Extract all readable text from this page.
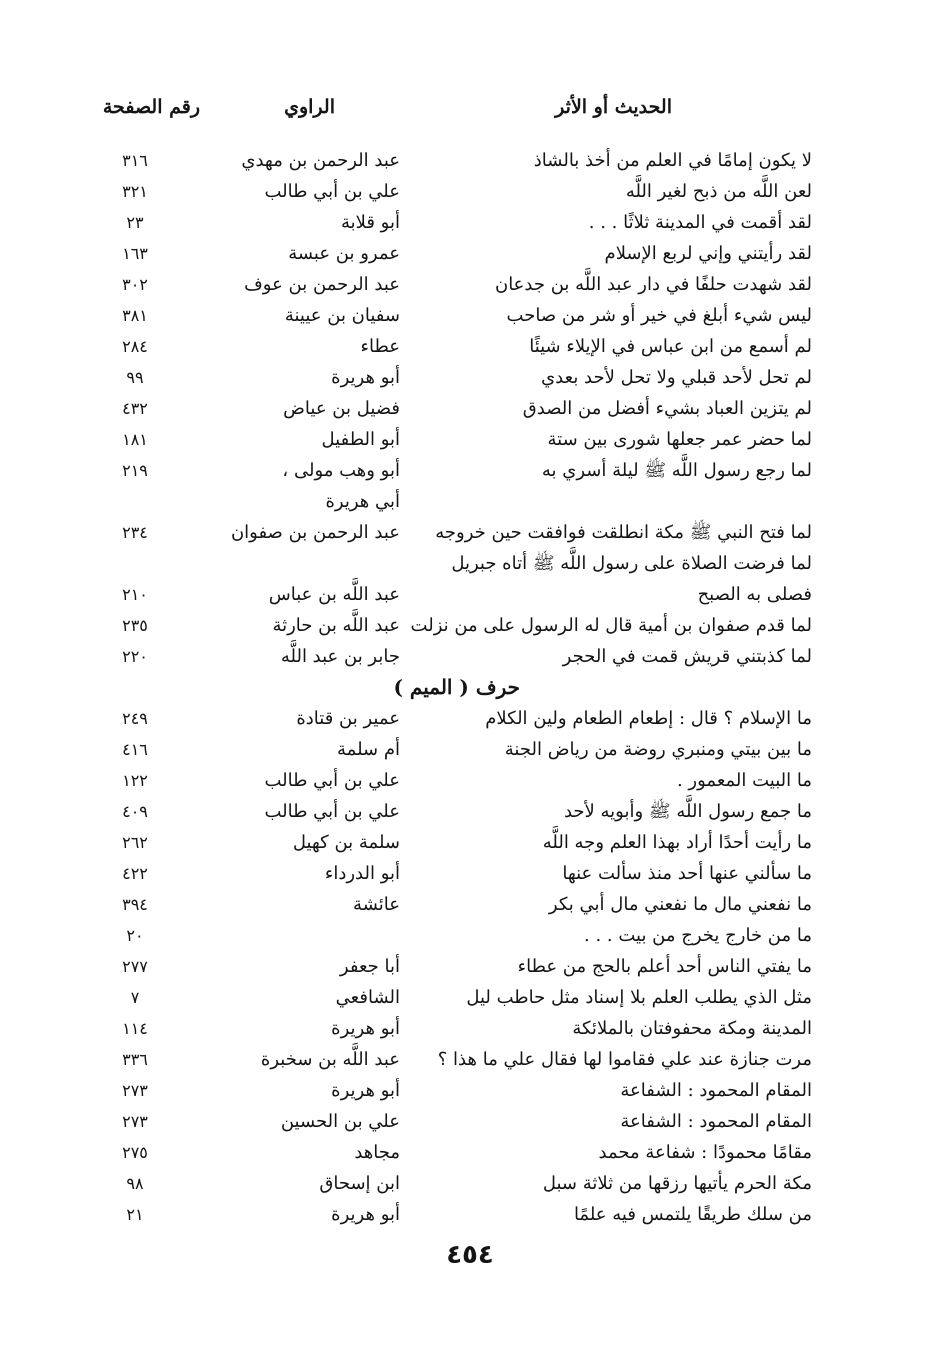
الحديث أو الأثر
الراوي
رقم الصفحة
لا يكون إمامًا في العلم من أخذ بالشاذ
عبد الرحمن بن مهدي
٣١٦
لعن اللَّه من ذبح لغير اللَّه
علي بن أبي طالب
٣٢١
لقد أقمت في المدينة ثلاثًا . . .
أبو قلابة
٢٣
لقد رأيتني وإني لربع الإسلام
عمرو بن عبسة
١٦٣
لقد شهدت حلفًا في دار عبد اللَّه بن جدعان
عبد الرحمن بن عوف
٣٠٢
ليس شيء أبلغ في خير أو شر من صاحب
سفيان بن عيينة
٣٨١
لم أسمع من ابن عباس في الإيلاء شيئًا
عطاء
٢٨٤
لم تحل لأحد قبلي ولا تحل لأحد بعدي
أبو هريرة
٩٩
لم يتزين العباد بشيء أفضل من الصدق
فضيل بن عياض
٤٣٢
لما حضر عمر جعلها شورى بين ستة
أبو الطفيل
١٨١
لما رجع رسول اللَّه ﷺ ليلة أسري به
أبو وهب مولى ،
٢١٩
أبي هريرة
لما فتح النبي ﷺ مكة انطلقت فوافقت حين خروجه
عبد الرحمن بن صفوان
٢٣٤
لما فرضت الصلاة على رسول اللَّه ﷺ أتاه جبريل
فصلى به الصبح
عبد اللَّه بن عباس
٢١٠
لما قدم صفوان بن أمية قال له الرسول على من نزلت
عبد اللَّه بن حارثة
٢٣٥
لما كذبتني قريش قمت في الحجر
جابر بن عبد اللَّه
٢٢٠
حرف ( الميم )
ما الإسلام ؟ قال : إطعام الطعام ولين الكلام
عمير بن قتادة
٢٤٩
ما بين بيتي ومنبري روضة من رياض الجنة
أم سلمة
٤١٦
ما البيت المعمور .
علي بن أبي طالب
١٢٢
ما جمع رسول اللَّه ﷺ وأبويه لأحد
علي بن أبي طالب
٤٠٩
ما رأيت أحدًا أراد بهذا العلم وجه اللَّه
سلمة بن كهيل
٢٦٢
ما سألني عنها أحد منذ سألت عنها
أبو الدرداء
٤٢٢
ما نفعني مال ما نفعني مال أبي بكر
عائشة
٣٩٤
ما من خارج يخرج من بيت . . .
٢٠
ما يفتي الناس أحد أعلم بالحج من عطاء
أبا جعفر
٢٧٧
مثل الذي يطلب العلم بلا إسناد مثل حاطب ليل
الشافعي
٧
المدينة ومكة محفوفتان بالملائكة
أبو هريرة
١١٤
مرت جنازة عند علي فقاموا لها فقال علي ما هذا ؟
عبد اللَّه بن سخبرة
٣٣٦
المقام المحمود : الشفاعة
أبو هريرة
٢٧٣
المقام المحمود : الشفاعة
علي بن الحسين
٢٧٣
مقامًا محمودًا : شفاعة محمد
مجاهد
٢٧٥
مكة الحرم يأتيها رزقها من ثلاثة سبل
ابن إسحاق
٩٨
من سلك طريقًا يلتمس فيه علمًا
أبو هريرة
٢١
٤٥٤
